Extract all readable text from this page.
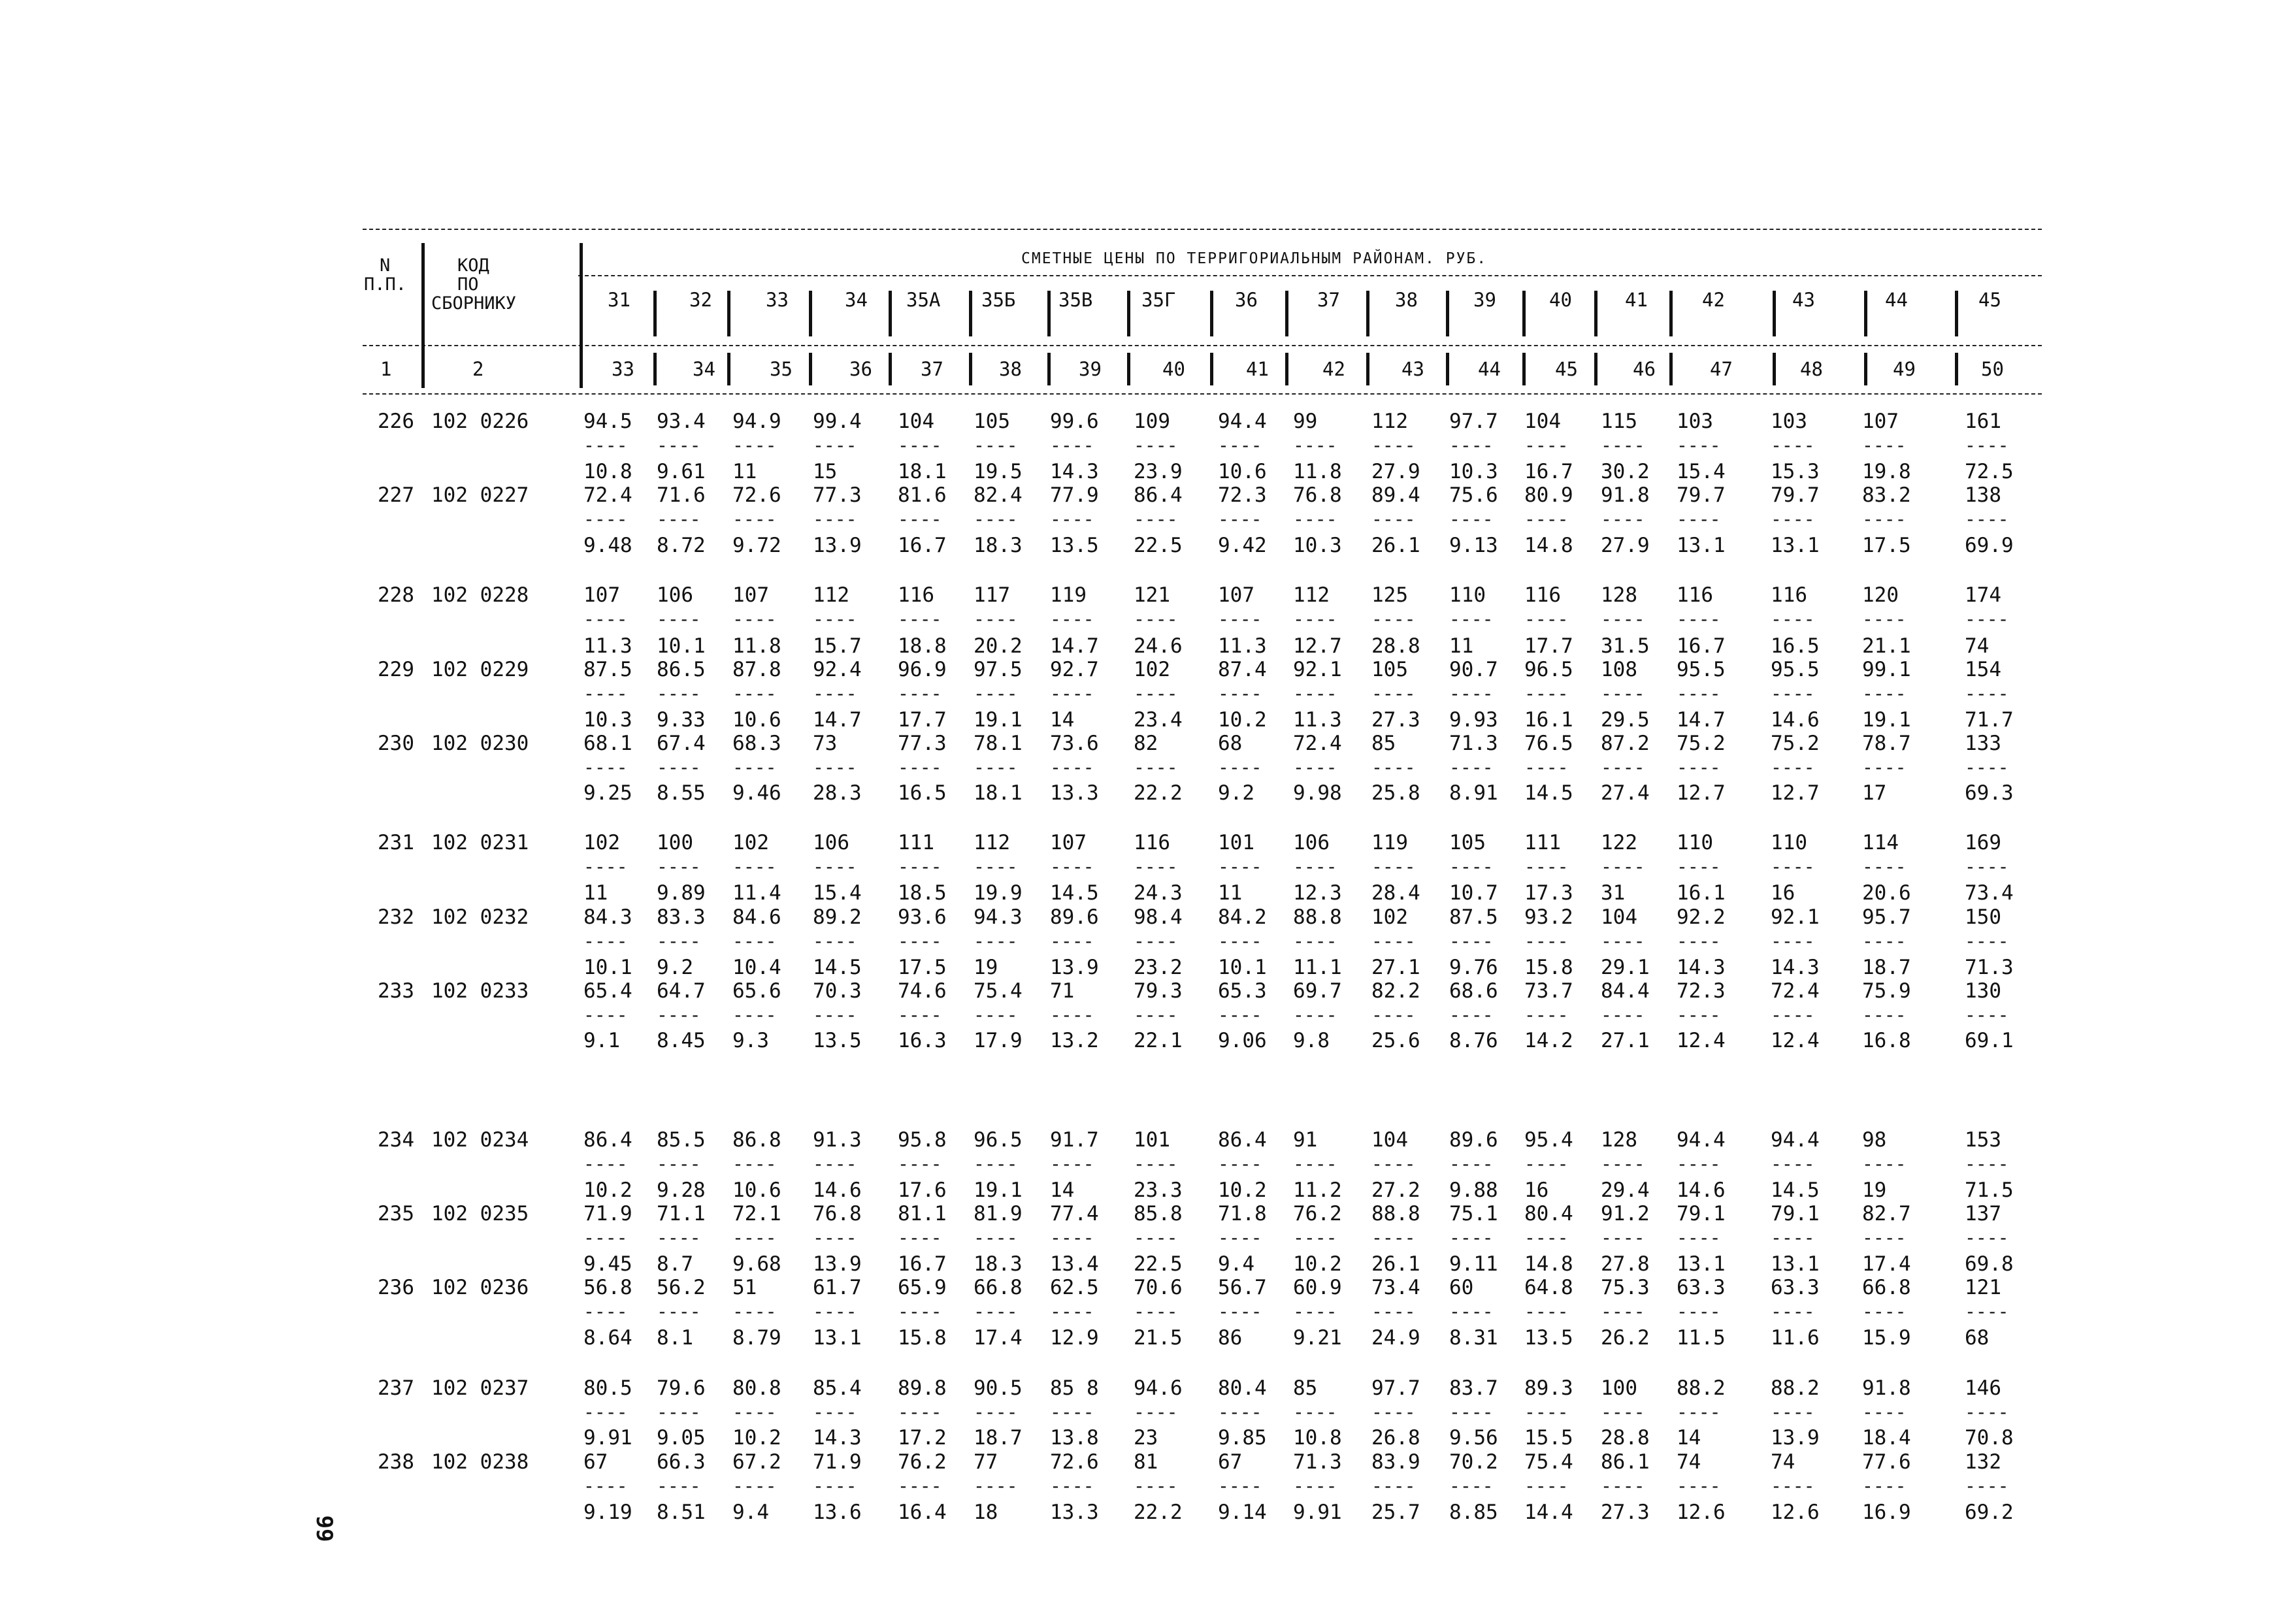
N
П.П.
КОД
ПО
СБОРНИКУ
СМЕТНЫЕ ЦЕНЫ ПО ТЕРРИГОРИАЛЬНЫМ РАЙОНАМ. РУБ.
31	32	33	34 35А 35Б 35В	35Г	36	37	38	39	40	41	42	43	44	45
1	2	33	34	35	36	37	38	39	40	41	42	43	44	45	46	47	48	49	50
226 102 0226	94.5 93.4 94.9 99.4 104 105 99.6 109 94.4 99	112 97.7 104 115 103	103	107	161
---- ---- ---- ---- ---- ---- ---- ---- ---- ---- ---- ---- ---- ---- ----	----	----	----
10.8 9.61 11	15	18.1 19.5 14.3 23.9 10.6 11.8 27.9 10.3 16.7 30.2 15.4 15.3 19.8	72.5
227 102 0227	72.4 71.6 72.6 77.3 81.6 82.4 77.9 86.4 72.3 76.8 89.4 75.6 80.9 91.8 79.7 79.7 83.2	138
---- ---- ---- ---- ---- ---- ---- ---- ---- ---- ---- ---- ---- ---- ----	----	----	----
9.48 8.72 9.72 13.9 16.7 18.3 13.5 22.5 9.42 10.3 26.1 9.13 14.8 27.9 13.1 13.1 17.5	69.9
228 102 0228	107 106 107 112 116 117 119 121 107 112 125 110 116 128 116	116	120	174
---- ---- ---- ---- ---- ---- ---- ---- ---- ---- ---- ---- ---- ---- ----	----	----	----
11.3 10.1 11.8 15.7 18.8 20.2 14.7 24.6 11.3 12.7 28.8 11	17.7 31.5 16.7 16.5 21.1	74
229 102 0229	87.5 86.5 87.8 92.4 96.9 97.5 92.7 102 87.4 92.1 105 90.7 96.5 108 95.5 95.5 99.1	154
---- ---- ---- ---- ---- ---- ---- ---- ---- ---- ---- ---- ---- ---- ----	----	----	----
10.3 9.33 10.6 14.7 17.7 19.1 14	23.4 10.2 11.3 27.3 9.93 16.1 29.5 14.7 14.6 19.1	71.7
230 102 0230	68.1 67.4 68.3 73	77.3 78.1 73.6 82	68	72.4 85	71.3 76.5 87.2 75.2 75.2 78.7	133
---- ---- ---- ---- ---- ---- ---- ---- ---- ---- ---- ---- ---- ---- ----	----	----	----
9.25 8.55 9.46 28.3 16.5 18.1 13.3 22.2 9.2 9.98 25.8 8.91 14.5 27.4 12.7 12.7 17	69.3
231 102 0231	102 100 102 106 111 112 107 116 101 106 119 105 111 122 110	110	114	169
---- ---- ---- ---- ---- ---- ---- ---- ---- ---- ---- ---- ---- ---- ----	----	----	----
11 9.89 11.4 15.4 18.5 19.9 14.5 24.3 11	12.3 28.4 10.7 17.3 31	16.1 16	20.6	73.4
232 102 0232	84.3 83.3 84.6 89.2 93.6 94.3 89.6 98.4 84.2 88.8 102 87.5 93.2 104 92.2 92.1 95.7	150
---- ---- ---- ---- ---- ---- ---- ---- ---- ---- ---- ---- ---- ---- ----	----	----	----
10.1 9.2 10.4 14.5 17.5 19	13.9 23.2 10.1 11.1 27.1 9.76 15.8 29.1 14.3 14.3 18.7	71.3
233 102 0233	65.4 64.7 65.6 70.3 74.6 75.4 71	79.3 65.3 69.7 82.2 68.6 73.7 84.4 72.3 72.4 75.9	130
---- ---- ---- ---- ---- ---- ---- ---- ---- ---- ---- ---- ---- ---- ----	----	----	----
9.1 8.45 9.3 13.5 16.3 17.9 13.2 22.1 9.06 9.8 25.6 8.76 14.2 27.1 12.4 12.4 16.8	69.1
234 102 0234	86.4 85.5 86.8 91.3 95.8 96.5 91.7 101 86.4 91	104 89.6 95.4 128 94.4 94.4 98	153
---- ---- ---- ---- ---- ---- ---- ---- ---- ---- ---- ---- ---- ---- ----	----	----	----
10.2 9.28 10.6 14.6 17.6 19.1 14	23.3 10.2 11.2 27.2 9.88 16	29.4 14.6 14.5 19	71.5
235 102 0235	71.9 71.1 72.1 76.8 81.1 81.9 77.4 85.8 71.8 76.2 88.8 75.1 80.4 91.2 79.1 79.1 82.7	137
---- ---- ---- ---- ---- ---- ---- ---- ---- ---- ---- ---- ---- ---- ----	----	----	----
9.45 8.7 9.68 13.9 16.7 18.3 13.4 22.5 9.4 10.2 26.1 9.11 14.8 27.8 13.1 13.1 17.4	69.8
236 102 0236	56.8 56.2 51	61.7 65.9 66.8 62.5 70.6 56.7 60.9 73.4 60	64.8 75.3 63.3 63.3 66.8	121
---- ---- ---- ---- ---- ---- ---- ---- ---- ---- ---- ---- ---- ---- ----	----	----	----
8.64 8.1 8.79 13.1 15.8 17.4 12.9 21.5 86	9.21 24.9 8.31 13.5 26.2 11.5 11.6 15.9	68
237 102 0237	80.5 79.6 80.8 85.4 89.8 90.5 85 8 94.6 80.4 85	97.7 83.7 89.3 100 88.2 88.2 91.8	146
---- ---- ---- ---- ---- ---- ---- ---- ---- ---- ---- ---- ---- ---- ----	----	----	----
9.91 9.05 10.2 14.3 17.2 18.7 13.8 23	9.85 10.8 26.8 9.56 15.5 28.8 14	13.9 18.4	70.8
238 102 0238	67 66.3 67.2 71.9 76.2 77	72.6 81	67	71.3 83.9 70.2 75.4 86.1 74	74	77.6	132
---- ---- ---- ---- ---- ---- ---- ---- ---- ---- ---- ---- ---- ---- ----	----	----	----
9.19 8.51 9.4 13.6 16.4 18	13.3 22.2 9.14 9.91 25.7 8.85 14.4 27.3 12.6 12.6 16.9	69.2
66
